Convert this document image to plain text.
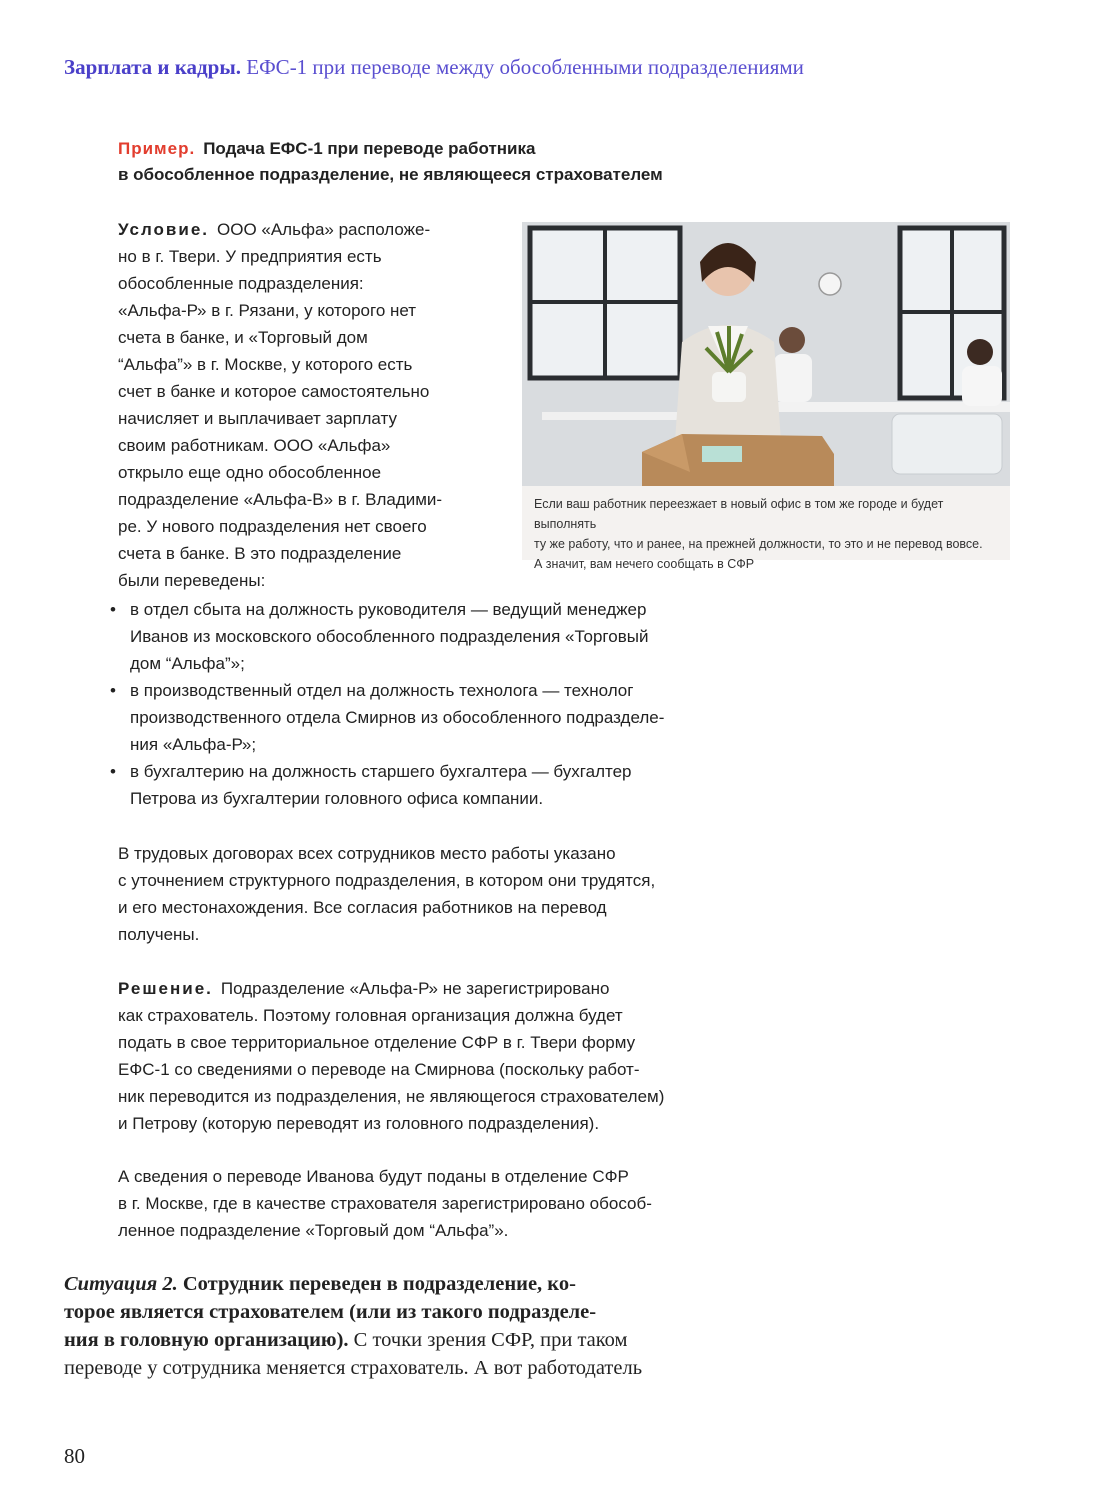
Зарплата и кадры. ЕФС-1 при переводе между обособленными подразделениями
Пример. Подача ЕФС-1 при переводе работника
в обособленное подразделение, не являющееся страхователем
Условие. ООО «Альфа» расположе-
но в г. Твери. У предприятия есть
обособленные подразделения:
«Альфа-Р» в г. Рязани, у которого нет
счета в банке, и «Торговый дом
“Альфа”» в г. Москве, у которого есть
счет в банке и которое самостоятельно
начисляет и выплачивает зарплату
своим работникам. ООО «Альфа»
открыло еще одно обособленное
подразделение «Альфа-В» в г. Владими-
ре. У нового подразделения нет своего
счета в банке. В это подразделение
были переведены:
Если ваш работник переезжает в новый офис в том же городе и будет выполнять
ту же работу, что и ранее, на прежней должности, то это и не перевод вовсе.
А значит, вам нечего сообщать в СФР
• в отдел сбыта на должность руководителя — ведущий менеджер
Иванов из московского обособленного подразделения «Торговый
дом “Альфа”»;
• в производственный отдел на должность технолога — технолог
производственного отдела Смирнов из обособленного подразделе-
ния «Альфа-Р»;
• в бухгалтерию на должность старшего бухгалтера — бухгалтер
Петрова из бухгалтерии головного офиса компании.
В трудовых договорах всех сотрудников место работы указано
с уточнением структурного подразделения, в котором они трудятся,
и его местонахождения. Все согласия работников на перевод
получены.
Решение. Подразделение «Альфа-Р» не зарегистрировано
как страхователь. Поэтому головная организация должна будет
подать в свое территориальное отделение СФР в г. Твери форму
ЕФС-1 со сведениями о переводе на Смирнова (поскольку работ-
ник переводится из подразделения, не являющегося страхователем)
и Петрову (которую переводят из головного подразделения).
А сведения о переводе Иванова будут поданы в отделение СФР
в г. Москве, где в качестве страхователя зарегистрировано обособ-
ленное подразделение «Торговый дом “Альфа”».
Ситуация 2. Сотрудник переведен в подразделение, ко-
торое является страхователем (или из такого подразделе-
ния в головную организацию). С точки зрения СФР, при таком
переводе у сотрудника меняется страхователь. А вот работодатель
80
